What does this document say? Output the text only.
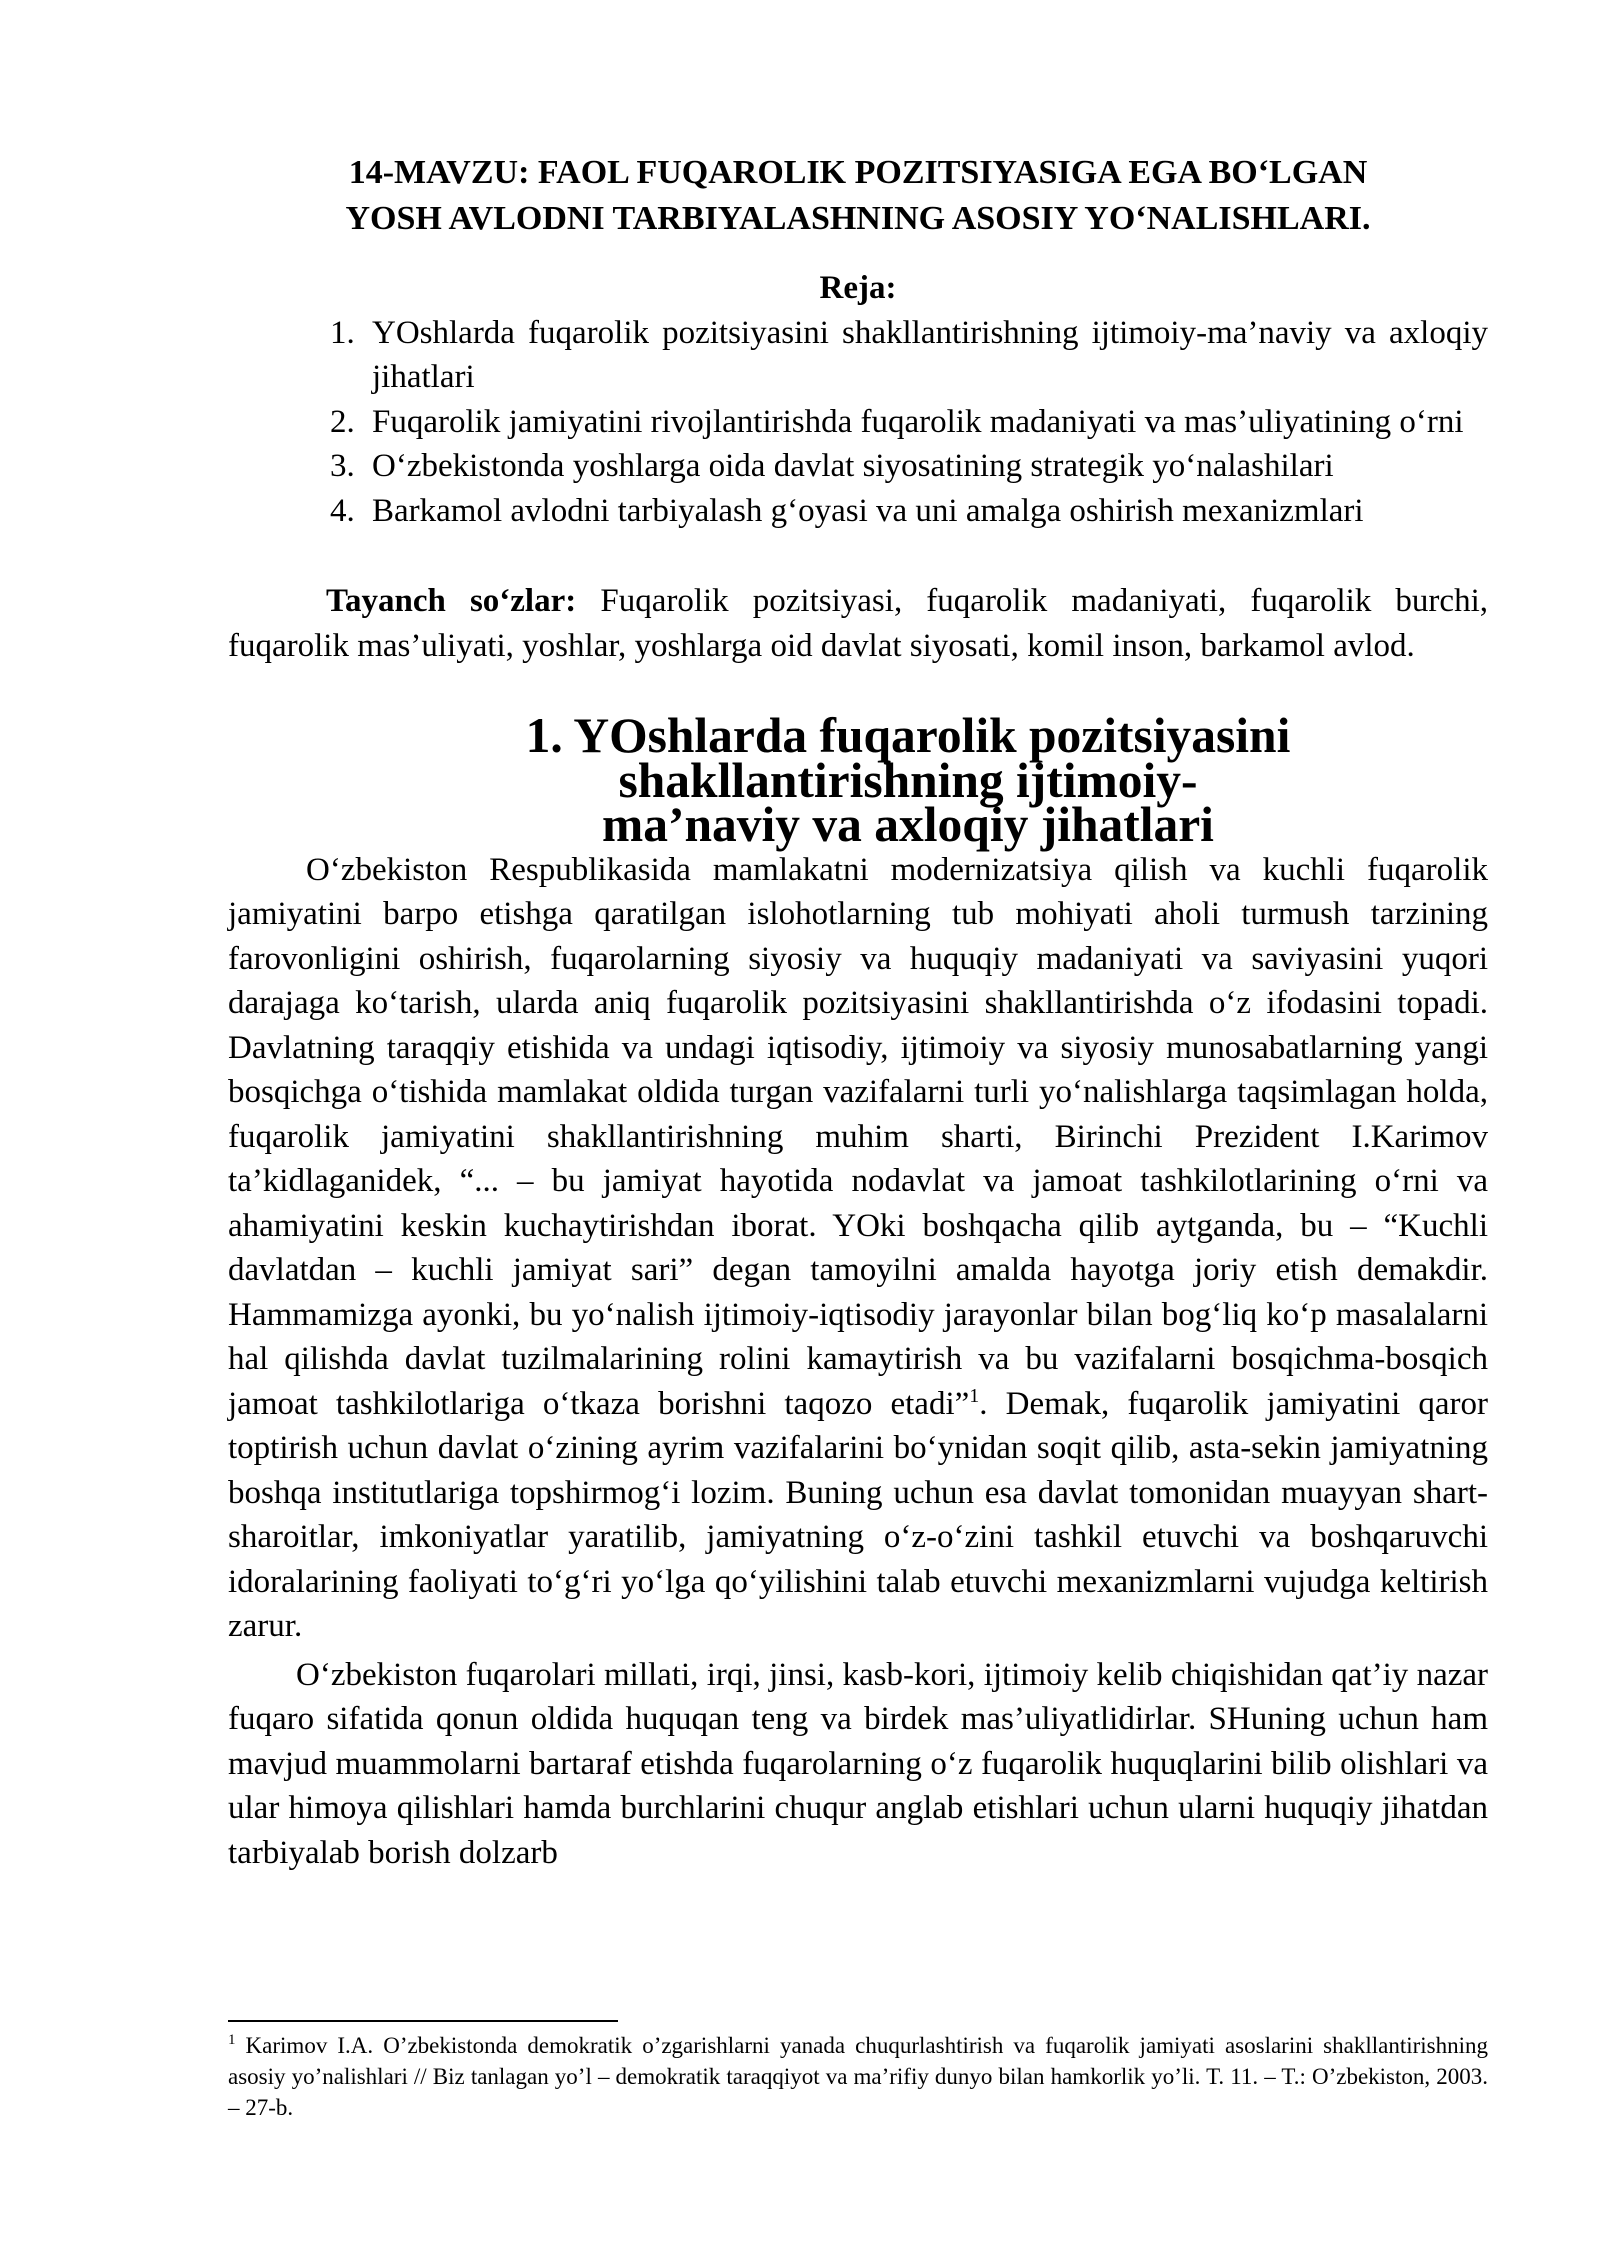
14-MAVZU: FAOL FUQAROLIK POZITSIYASIGA EGA BO‘LGAN
YOSH AVLODNI TARBIYALASHNING ASOSIY YO‘NALISHLARI.
Reja:
1. YOshlarda fuqarolik pozitsiyasini shakllantirishning ijtimoiy-ma’naviy va axloqiy jihatlari
2. Fuqarolik jamiyatini rivojlantirishda fuqarolik madaniyati va mas’uliyatining o‘rni
3. O‘zbekistonda yoshlarga oida davlat siyosatining strategik yo‘nalashilari
4. Barkamol avlodni tarbiyalash g‘oyasi va uni amalga oshirish mexanizmlari

Tayanch so‘zlar: Fuqarolik pozitsiyasi, fuqarolik madaniyati, fuqarolik burchi, fuqarolik mas’uliyati, yoshlar, yoshlarga oid davlat siyosati, komil inson, barkamol avlod.

1. YOshlarda fuqarolik pozitsiyasini shakllantirishning ijtimoiy-
ma’naviy va axloqiy jihatlari

O‘zbekiston Respublikasida mamlakatni modernizatsiya qilish va kuchli fuqarolik jamiyatini barpo etishga qaratilgan islohotlarning tub mohiyati aholi turmush tarzining farovonligini oshirish, fuqarolarning siyosiy va huquqiy madaniyati va saviyasini yuqori darajaga ko‘tarish, ularda aniq fuqarolik pozitsiyasini shakllantirishda o‘z ifodasini topadi. Davlatning taraqqiy etishida va undagi iqtisodiy, ijtimoiy va siyosiy munosabatlarning yangi bosqichga o‘tishida mamlakat oldida turgan vazifalarni turli yo‘nalishlarga taqsimlagan holda, fuqarolik jamiyatini shakllantirishning muhim sharti, Birinchi Prezident I.Karimov ta’kidlaganidek, “... – bu jamiyat hayotida nodavlat va jamoat tashkilotlarining o‘rni va ahamiyatini keskin kuchaytirishdan iborat. YOki boshqacha qilib aytganda, bu – “Kuchli davlatdan – kuchli jamiyat sari” degan tamoyilni amalda hayotga joriy etish demakdir. Hammamizga ayonki, bu yo‘nalish ijtimoiy-iqtisodiy jarayonlar bilan bog‘liq ko‘p masalalarni hal qilishda davlat tuzilmalarining rolini kamaytirish va bu vazifalarni bosqichma-bosqich jamoat tashkilotlariga o‘tkaza borishni taqozo etadi”$^1$. Demak, fuqarolik jamiyatini qaror toptirish uchun davlat o‘zining ayrim vazifalarini bo‘ynidan soqit qilib, asta-sekin jamiyatning boshqa institutlariga topshirmog‘i lozim. Buning uchun esa davlat tomonidan muayyan shart-sharoitlar, imkoniyatlar yaratilib, jamiyatning o‘z-o‘zini tashkil etuvchi va boshqaruvchi idoralarining faoliyati to‘g‘ri yo‘lga qo‘yilishini talab etuvchi mexanizmlarni vujudga keltirish zarur.

O‘zbekiston fuqarolari millati, irqi, jinsi, kasb-kori, ijtimoiy kelib chiqishidan qat’iy nazar fuqaro sifatida qonun oldida huquqan teng va birdek mas’uliyatlidirlar. SHuning uchun ham mavjud muammolarni bartaraf etishda fuqarolarning o‘z fuqarolik huquqlarini bilib olishlari va ular himoya qilishlari hamda burchlarini chuqur anglab etishlari uchun ularni huquqiy jihatdan tarbiyalab borish dolzarb

$^1$ Karimov I.A. O’zbekistonda demokratik o’zgarishlarni yanada chuqurlashtirish va fuqarolik jamiyati asoslarini shakllantirishning asosiy yo’nalishlari // Biz tanlagan yo’l – demokratik taraqqiyot va ma’rifiy dunyo bilan hamkorlik yo’li. T. 11. – T.: O’zbekiston, 2003. – 27-b.
